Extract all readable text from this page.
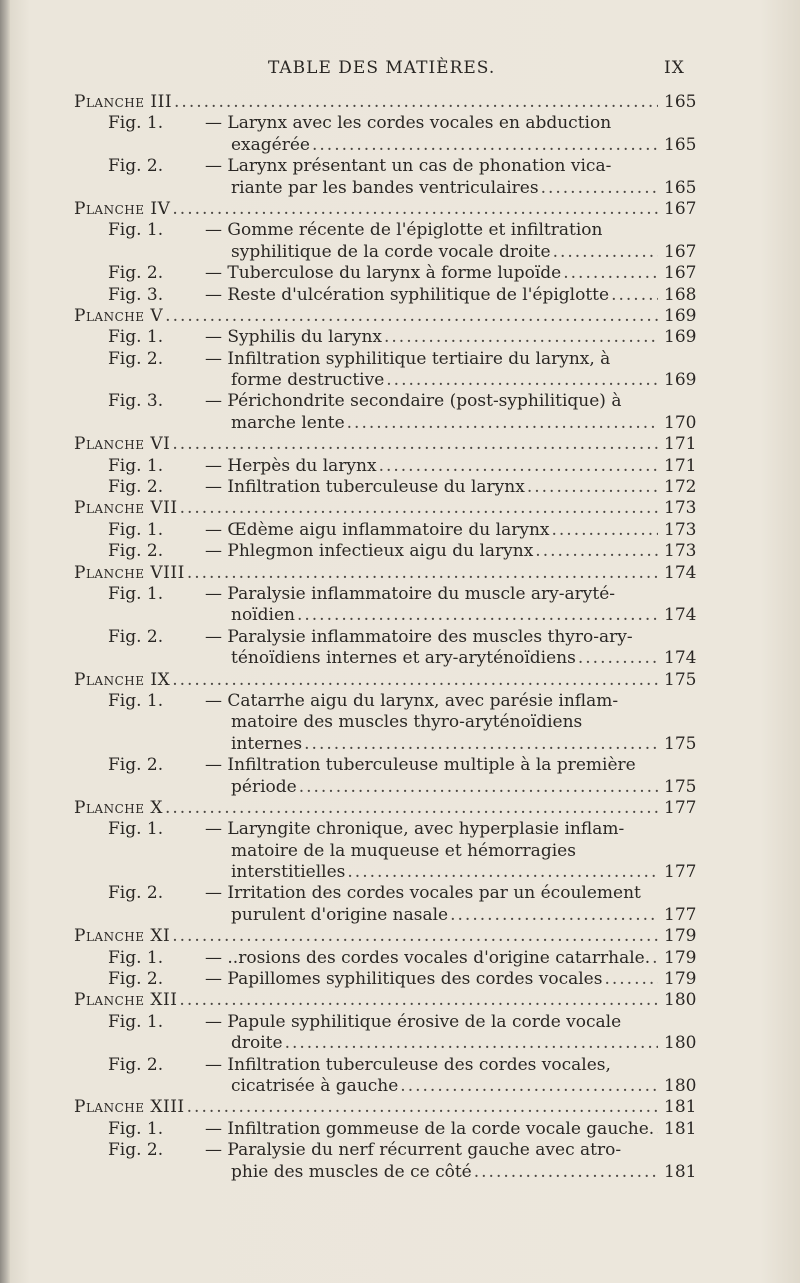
TABLE DES MATIÈRES.	IX
Planche III .....	165
Fig. 1. — Larynx avec les cordes vocales en abduction
exagérée .....	165
Fig. 2. — Larynx présentant un cas de phonation vica-
riante par les bandes ventriculaires .....	165
Planche IV .....	167
Fig. 1. — Gomme récente de l'épiglotte et infiltration
syphilitique de la corde vocale droite .....	167
Fig. 2. — Tuberculose du larynx à forme lupoïde .....	167
Fig. 3. — Reste d'ulcération syphilitique de l'épiglotte .....	168
Planche V .....	169
Fig. 1. — Syphilis du larynx .....	169
Fig. 2. — Infiltration syphilitique tertiaire du larynx, à
forme destructive .....	169
Fig. 3. — Périchondrite secondaire (post-syphilitique) à
marche lente .....	170
Planche VI .....	171
Fig. 1. — Herpès du larynx .....	171
Fig. 2. — Infiltration tuberculeuse du larynx .....	172
Planche VII .....	173
Fig. 1. — Œdème aigu inflammatoire du larynx .....	173
Fig. 2. — Phlegmon infectieux aigu du larynx .....	173
Planche VIII .....	174
Fig. 1. — Paralysie inflammatoire du muscle ary-aryté-
noïdien .....	174
Fig. 2. — Paralysie inflammatoire des muscles thyro-ary-
ténoïdiens internes et ary-aryténoïdiens .....	174
Planche IX .....	175
Fig. 1. — Catarrhe aigu du larynx, avec parésie inflam-
matoire des muscles thyro-aryténoïdiens
internes .....	175
Fig. 2. — Infiltration tuberculeuse multiple à la première
période .....	175
Planche X .....	177
Fig. 1. — Laryngite chronique, avec hyperplasie inflam-
matoire de la muqueuse et hémorragies
interstitielles .....	177
Fig. 2. — Irritation des cordes vocales par un écoulement
purulent d'origine nasale .....	177
Planche XI .....	179
Fig. 1. — ..rosions des cordes vocales d'origine catarrhale. ..... 179
Fig. 2. — Papillomes syphilitiques des cordes vocales .....	179
Planche XII .....	180
Fig. 1. — Papule syphilitique érosive de la corde vocale
droite .....	180
Fig. 2. — Infiltration tuberculeuse des cordes vocales,
cicatrisée à gauche .....	180
Planche XIII .....	181
Fig. 1. — Infiltration gommeuse de la corde vocale gauche. ..... 181
Fig. 2. — Paralysie du nerf récurrent gauche avec atro-
phie des muscles de ce côté .....	181
